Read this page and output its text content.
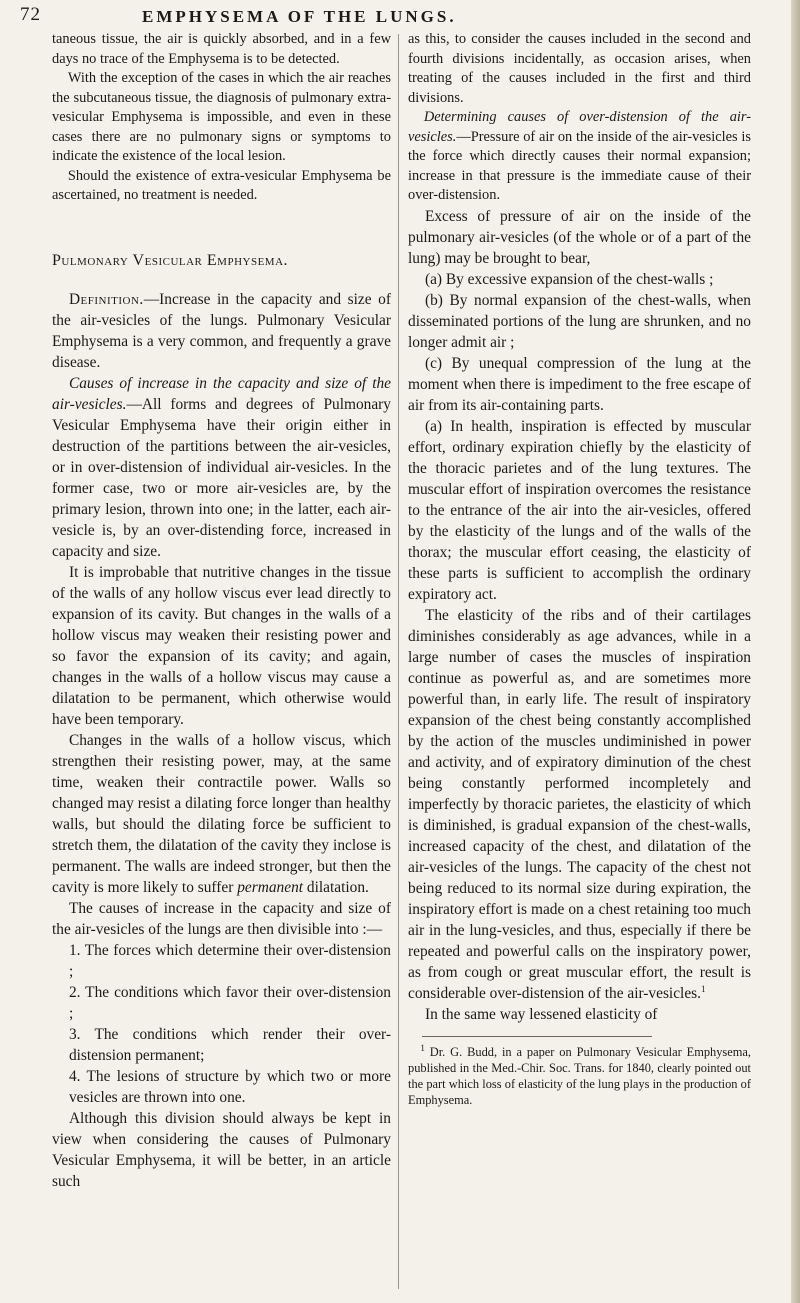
72	EMPHYSEMA OF THE LUNGS.

taneous tissue, the air is quickly absorbed, and in a few days no trace of the Emphysema is to be detected.

With the exception of the cases in which the air reaches the subcutaneous tissue, the diagnosis of pulmonary extra-vesicular Emphysema is impossible, and even in these cases there are no pulmonary signs or symptoms to indicate the existence of the local lesion.

Should the existence of extra-vesicular Emphysema be ascertained, no treatment is needed.

Pulmonary Vesicular Emphysema.

Definition.—Increase in the capacity and size of the air-vesicles of the lungs. Pulmonary Vesicular Emphysema is a very common, and frequently a grave disease.

Causes of increase in the capacity and size of the air-vesicles.—All forms and degrees of Pulmonary Vesicular Emphysema have their origin either in destruction of the partitions between the air-vesicles, or in over-distension of individual air-vesicles. In the former case, two or more air-vesicles are, by the primary lesion, thrown into one; in the latter, each air-vesicle is, by an over-distending force, increased in capacity and size.

It is improbable that nutritive changes in the tissue of the walls of any hollow viscus ever lead directly to expansion of its cavity. But changes in the walls of a hollow viscus may weaken their resisting power and so favor the expansion of its cavity; and again, changes in the walls of a hollow viscus may cause a dilatation to be permanent, which otherwise would have been temporary.

Changes in the walls of a hollow viscus, which strengthen their resisting power, may, at the same time, weaken their contractile power. Walls so changed may resist a dilating force longer than healthy walls, but should the dilating force be sufficient to stretch them, the dilatation of the cavity they inclose is permanent. The walls are indeed stronger, but then the cavity is more likely to suffer permanent dilatation.

The causes of increase in the capacity and size of the air-vesicles of the lungs are then divisible into :—

1. The forces which determine their over-distension ;

2. The conditions which favor their over-distension ;

3. The conditions which render their over-distension permanent;

4. The lesions of structure by which two or more vesicles are thrown into one.

Although this division should always be kept in view when considering the causes of Pulmonary Vesicular Emphysema, it will be better, in an article such

as this, to consider the causes included in the second and fourth divisions incidentally, as occasion arises, when treating of the causes included in the first and third divisions.

Determining causes of over-distension of the air-vesicles.—Pressure of air on the inside of the air-vesicles is the force which directly causes their normal expansion; increase in that pressure is the immediate cause of their over-distension.

Excess of pressure of air on the inside of the pulmonary air-vesicles (of the whole or of a part of the lung) may be brought to bear,

(a) By excessive expansion of the chest-walls ;

(b) By normal expansion of the chest-walls, when disseminated portions of the lung are shrunken, and no longer admit air ;

(c) By unequal compression of the lung at the moment when there is impediment to the free escape of air from its air-containing parts.

(a) In health, inspiration is effected by muscular effort, ordinary expiration chiefly by the elasticity of the thoracic parietes and of the lung textures. The muscular effort of inspiration overcomes the resistance to the entrance of the air into the air-vesicles, offered by the elasticity of the lungs and of the walls of the thorax; the muscular effort ceasing, the elasticity of these parts is sufficient to accomplish the ordinary expiratory act.

The elasticity of the ribs and of their cartilages diminishes considerably as age advances, while in a large number of cases the muscles of inspiration continue as powerful as, and are sometimes more powerful than, in early life. The result of inspiratory expansion of the chest being constantly accomplished by the action of the muscles undiminished in power and activity, and of expiratory diminution of the chest being constantly performed incompletely and imperfectly by thoracic parietes, the elasticity of which is diminished, is gradual expansion of the chest-walls, increased capacity of the chest, and dilatation of the air-vesicles of the lungs. The capacity of the chest not being reduced to its normal size during expiration, the inspiratory effort is made on a chest retaining too much air in the lung-vesicles, and thus, especially if there be repeated and powerful calls on the inspiratory power, as from cough or great muscular effort, the result is considerable over-distension of the air-vesicles.$^1$

In the same way lessened elasticity of

$^1$ Dr. G. Budd, in a paper on Pulmonary Vesicular Emphysema, published in the Med.-Chir. Soc. Trans. for 1840, clearly pointed out the part which loss of elasticity of the lung plays in the production of Emphysema.
